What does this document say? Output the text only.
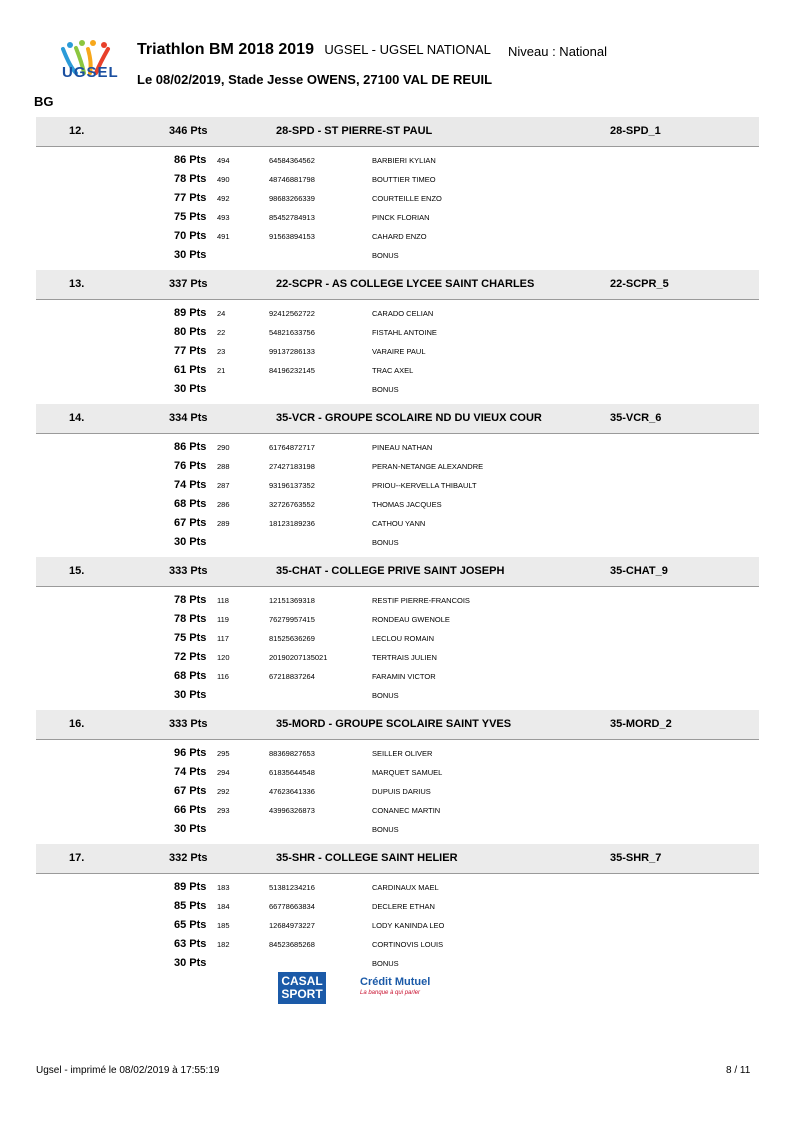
UGSEL
Triathlon BM 2018 2019 UGSEL - UGSEL NATIONAL Niveau : National
Le 08/02/2019, Stade Jesse OWENS, 27100 VAL DE REUIL
BG
12.	346 Pts	28-SPD - ST PIERRE-ST PAUL	28-SPD_1
86 Pts 494	64584364562	BARBIERI KYLIAN
78 Pts 490	48746881798	BOUTTIER TIMEO
77 Pts 492	98683266339	COURTEILLE ENZO
75 Pts 493	85452784913	PINCK FLORIAN
70 Pts 491	91563894153	CAHARD ENZO
30 Pts	BONUS
13.	337 Pts	22-SCPR - AS COLLEGE LYCEE SAINT CHARLES	22-SCPR_5
89 Pts 24	92412562722	CARADO CELIAN
80 Pts 22	54821633756	FISTAHL ANTOINE
77 Pts 23	99137286133	VARAIRE PAUL
61 Pts 21	84196232145	TRAC AXEL
30 Pts	BONUS
14.	334 Pts	35-VCR - GROUPE SCOLAIRE ND DU VIEUX COUR	35-VCR_6
86 Pts 290	61764872717	PINEAU NATHAN
76 Pts 288	27427183198	PERAN-NETANGE ALEXANDRE
74 Pts 287	93196137352	PRIOU--KERVELLA THIBAULT
68 Pts 286	32726763552	THOMAS JACQUES
67 Pts 289	18123189236	CATHOU YANN
30 Pts	BONUS
15.	333 Pts	35-CHAT - COLLEGE PRIVE SAINT JOSEPH	35-CHAT_9
78 Pts 118	12151369318	RESTIF PIERRE-FRANCOIS
78 Pts 119	76279957415	RONDEAU GWENOLE
75 Pts 117	81525636269	LECLOU ROMAIN
72 Pts 120	20190207135021	TERTRAIS JULIEN
68 Pts 116	67218837264	FARAMIN VICTOR
30 Pts	BONUS
16.	333 Pts	35-MORD - GROUPE SCOLAIRE SAINT YVES	35-MORD_2
96 Pts 295	88369827653	SEILLER OLIVER
74 Pts 294	61835644548	MARQUET SAMUEL
67 Pts 292	47623641336	DUPUIS DARIUS
66 Pts 293	43996326873	CONANEC MARTIN
30 Pts	BONUS
17.	332 Pts	35-SHR - COLLEGE SAINT HELIER	35-SHR_7
89 Pts 183	51381234216	CARDINAUX MAEL
85 Pts 184	66778663834	DECLERE ETHAN
65 Pts 185	12684973227	LODY KANINDA LEO
63 Pts 182	84523685268	CORTINOVIS LOUIS
30 Pts	BONUS
CASAL
SPORT
Crédit Mutuel
La banque à qui parler
Ugsel - imprimé le 08/02/2019 à 17:55:19	8 / 11
